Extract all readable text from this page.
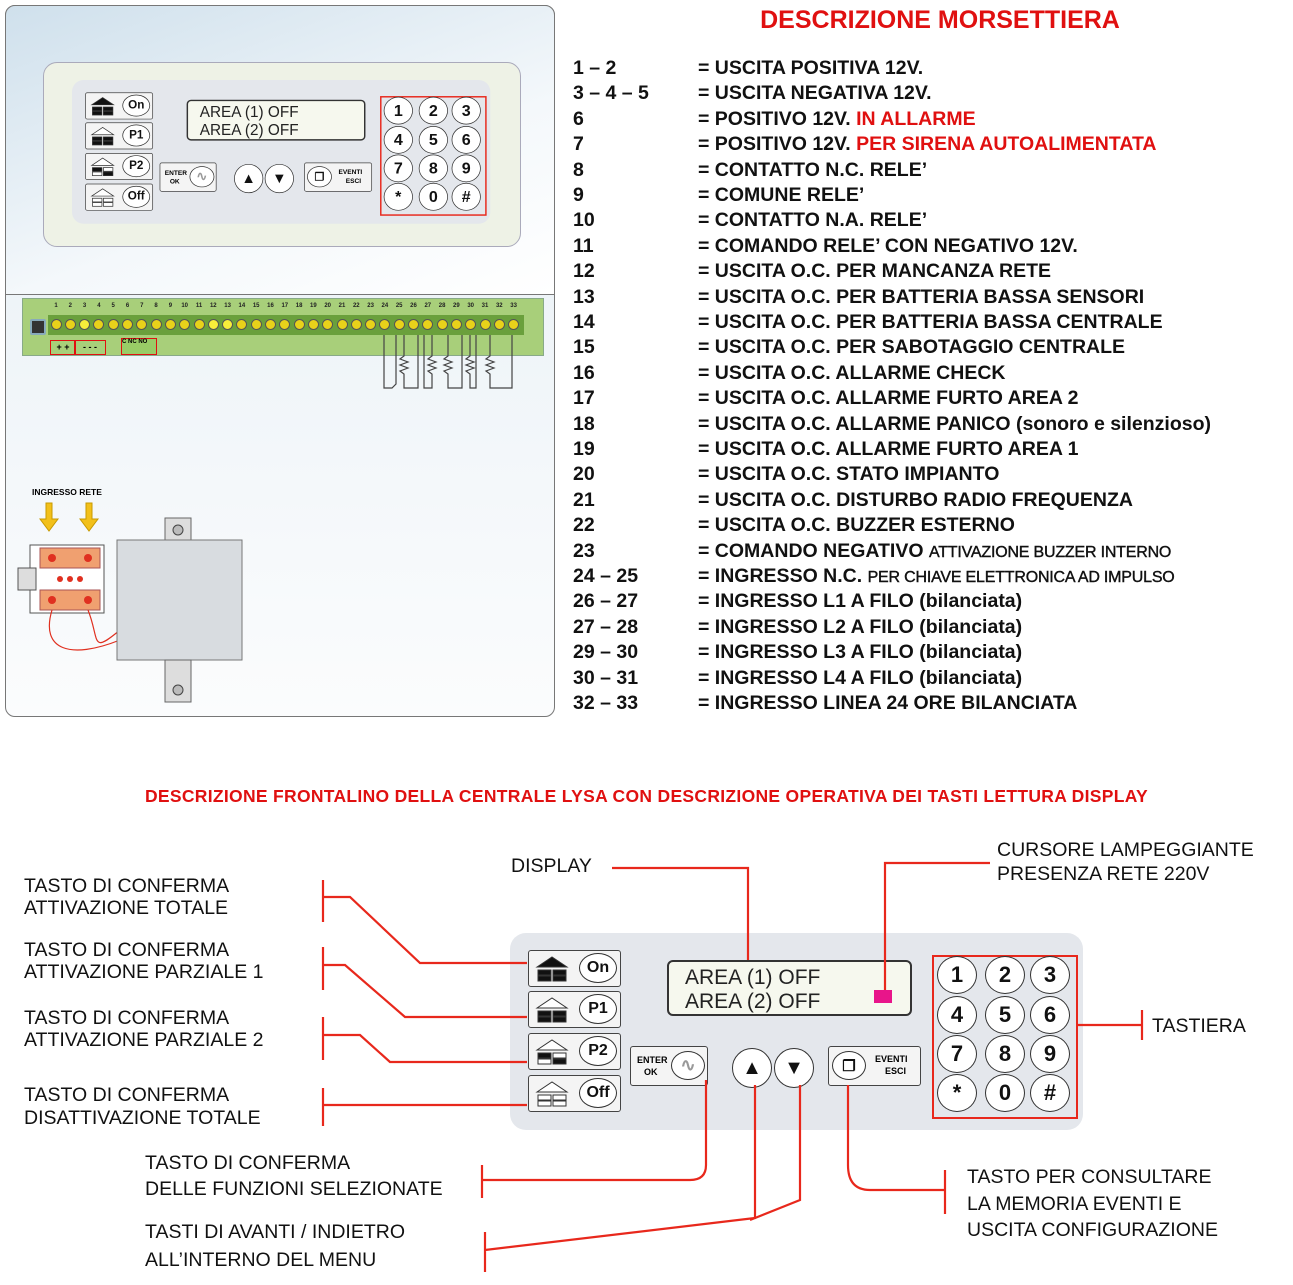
On
P1
P2
Off
AREA (1) OFF
AREA (2) OFF
ENTER
OK ∿	▲ ▼	❐	EVENTI
ESCI
1	2	3
4	5	6
7	8	9
*	0	#
1	2	3	4	5	6	7	8	9	10	11	12	13	14	15	16	17	18	19	20	21	22	23	24	25	26	27	28	29	30	31	32	33
+ +	- - -	C NC NO
INGRESSO RETE
DESCRIZIONE MORSETTIERA
1 – 2	= USCITA POSITIVA 12V.
3 – 4 – 5	= USCITA NEGATIVA 12V.
6	= POSITIVO 12V. IN ALLARME
7	= POSITIVO 12V. PER SIRENA AUTOALIMENTATA
8	= CONTATTO N.C. RELE’
9	= COMUNE RELE’
10	= CONTATTO N.A. RELE’
11	= COMANDO RELE’ CON NEGATIVO 12V.
12	= USCITA O.C. PER MANCANZA RETE
13	= USCITA O.C. PER BATTERIA BASSA SENSORI
14	= USCITA O.C. PER BATTERIA BASSA CENTRALE
15	= USCITA O.C. PER SABOTAGGIO CENTRALE
16	= USCITA O.C. ALLARME CHECK
17	= USCITA O.C. ALLARME FURTO AREA 2
18	= USCITA O.C. ALLARME PANICO (sonoro e silenzioso)
19	= USCITA O.C. ALLARME FURTO AREA 1
20	= USCITA O.C. STATO IMPIANTO
21	= USCITA O.C. DISTURBO RADIO FREQUENZA
22	= USCITA O.C. BUZZER ESTERNO
23	= COMANDO NEGATIVO ATTIVAZIONE BUZZER INTERNO
24 – 25	= INGRESSO N.C. PER CHIAVE ELETTRONICA AD IMPULSO
26 – 27	= INGRESSO L1 A FILO (bilanciata)
27 – 28	= INGRESSO L2 A FILO (bilanciata)
29 – 30	= INGRESSO L3 A FILO (bilanciata)
30 – 31	= INGRESSO L4 A FILO (bilanciata)
32 – 33	= INGRESSO LINEA 24 ORE BILANCIATA
DESCRIZIONE FRONTALINO DELLA CENTRALE LYSA CON DESCRIZIONE OPERATIVA DEI TASTI LETTURA DISPLAY
On
P1
P2
Off
AREA (1) OFF
AREA (2) OFF
ENTER
OK	∿	▲	▼	❐	EVENTI
ESCI
1	2	3
4	5	6
7	8	9
*	0	#
DISPLAY
CURSORE LAMPEGGIANTE
PRESENZA RETE 220V
TASTIERA
TASTO DI CONFERMA
ATTIVAZIONE TOTALE
TASTO DI CONFERMA
ATTIVAZIONE PARZIALE 1
TASTO DI CONFERMA
ATTIVAZIONE PARZIALE 2
TASTO DI CONFERMA
DISATTIVAZIONE TOTALE
TASTO DI CONFERMA
DELLE FUNZIONI SELEZIONATE
TASTI DI AVANTI / INDIETRO
ALL’INTERNO DEL MENU
TASTO PER CONSULTARE
LA MEMORIA EVENTI E
USCITA CONFIGURAZIONE
